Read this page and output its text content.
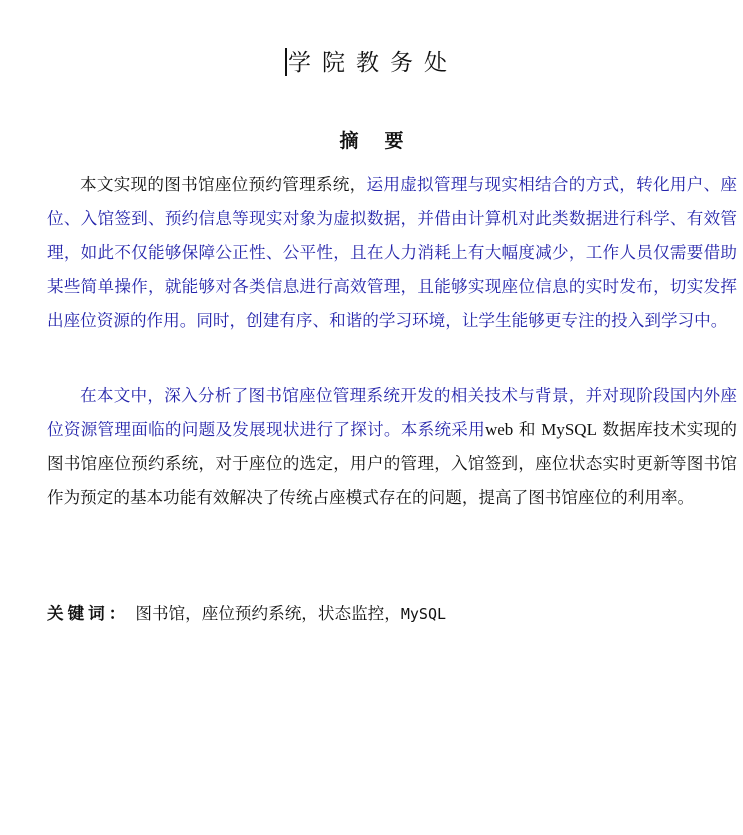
学院教务处
摘要

本文实现的图书馆座位预约管理系统，运用虚拟管理与现实相结合的方式，转化用户、座位、入馆签到、预约信息等现实对象为虚拟数据，并借由计算机对此类数据进行科学、有效管理，如此不仅能够保障公正性、公平性，且在人力消耗上有大幅度减少，工作人员仅需要借助某些简单操作，就能够对各类信息进行高效管理，且能够实现座位信息的实时发布，切实发挥出座位资源的作用。同时，创建有序、和谐的学习环境，让学生能够更专注的投入到学习中。

在本文中，深入分析了图书馆座位管理系统开发的相关技术与背景，并对现阶段国内外座位资源管理面临的问题及发展现状进行了探讨。本系统采用web 和 MySQL 数据库技术实现的图书馆座位预约系统，对于座位的选定，用户的管理，入馆签到，座位状态实时更新等图书馆作为预定的基本功能有效解决了传统占座模式存在的问题，提高了图书馆座位的利用率。

关键词： 图书馆，座位预约系统，状态监控，MySQL
